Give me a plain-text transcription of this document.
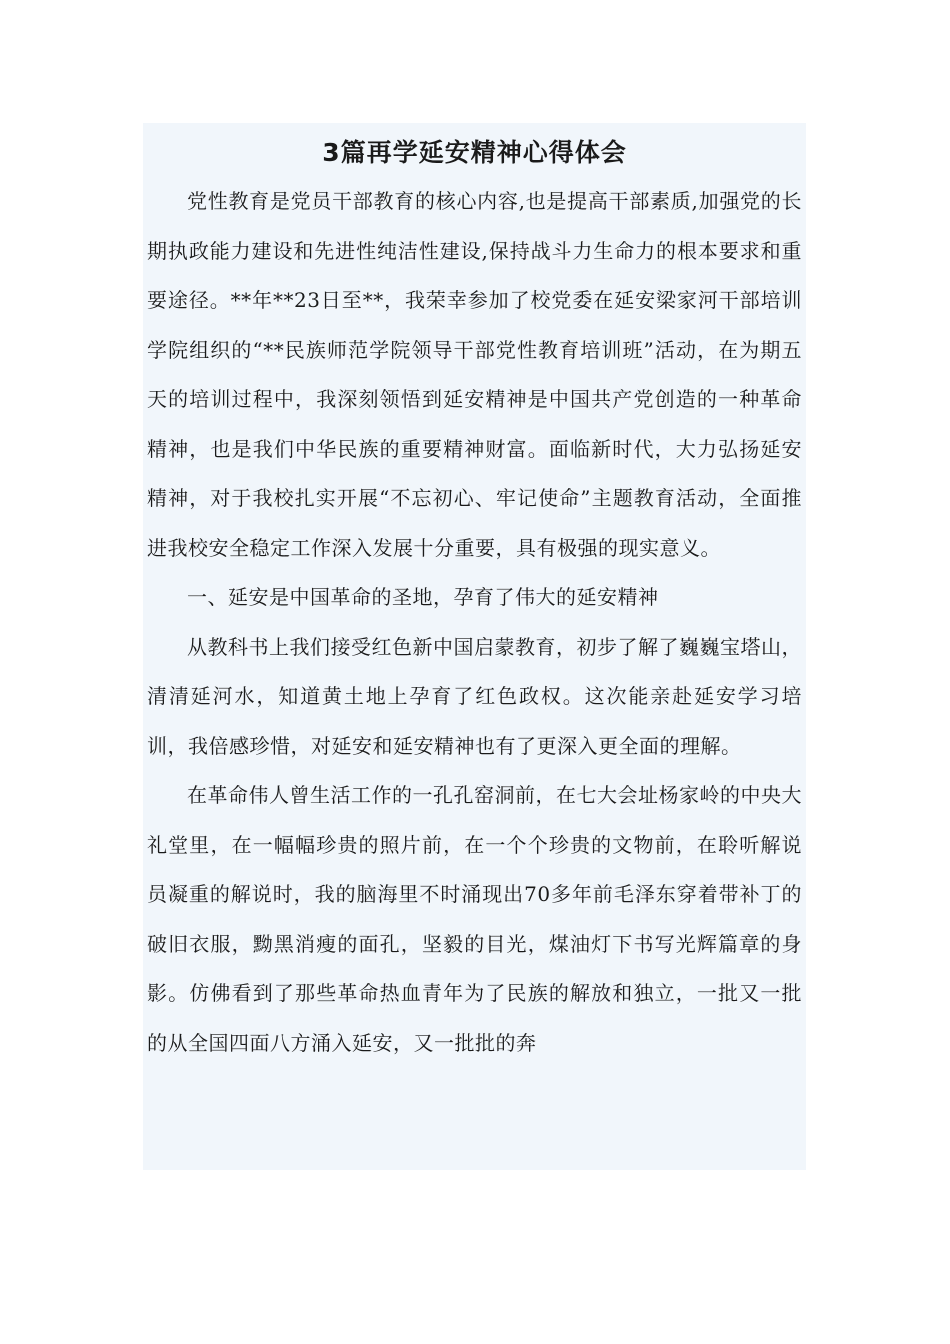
3篇再学延安精神心得体会

党性教育是党员干部教育的核心内容,也是提高干部素质,加强党的长期执政能力建设和先进性纯洁性建设,保持战斗力生命力的根本要求和重要途径。**年**23日至**，我荣幸参加了校党委在延安梁家河干部培训学院组织的“**民族师范学院领导干部党性教育培训班”活动，在为期五天的培训过程中，我深刻领悟到延安精神是中国共产党创造的一种革命精神，也是我们中华民族的重要精神财富。面临新时代，大力弘扬延安精神，对于我校扎实开展“不忘初心、牢记使命”主题教育活动，全面推进我校安全稳定工作深入发展十分重要，具有极强的现实意义。

一、延安是中国革命的圣地，孕育了伟大的延安精神

从教科书上我们接受红色新中国启蒙教育，初步了解了巍巍宝塔山，清清延河水，知道黄土地上孕育了红色政权。这次能亲赴延安学习培训，我倍感珍惜，对延安和延安精神也有了更深入更全面的理解。

在革命伟人曾生活工作的一孔孔窑洞前，在七大会址杨家岭的中央大礼堂里，在一幅幅珍贵的照片前，在一个个珍贵的文物前，在聆听解说员凝重的解说时，我的脑海里不时涌现出70多年前毛泽东穿着带补丁的破旧衣服，黝黑消瘦的面孔，坚毅的目光，煤油灯下书写光辉篇章的身影。仿佛看到了那些革命热血青年为了民族的解放和独立，一批又一批的从全国四面八方涌入延安，又一批批的奔
